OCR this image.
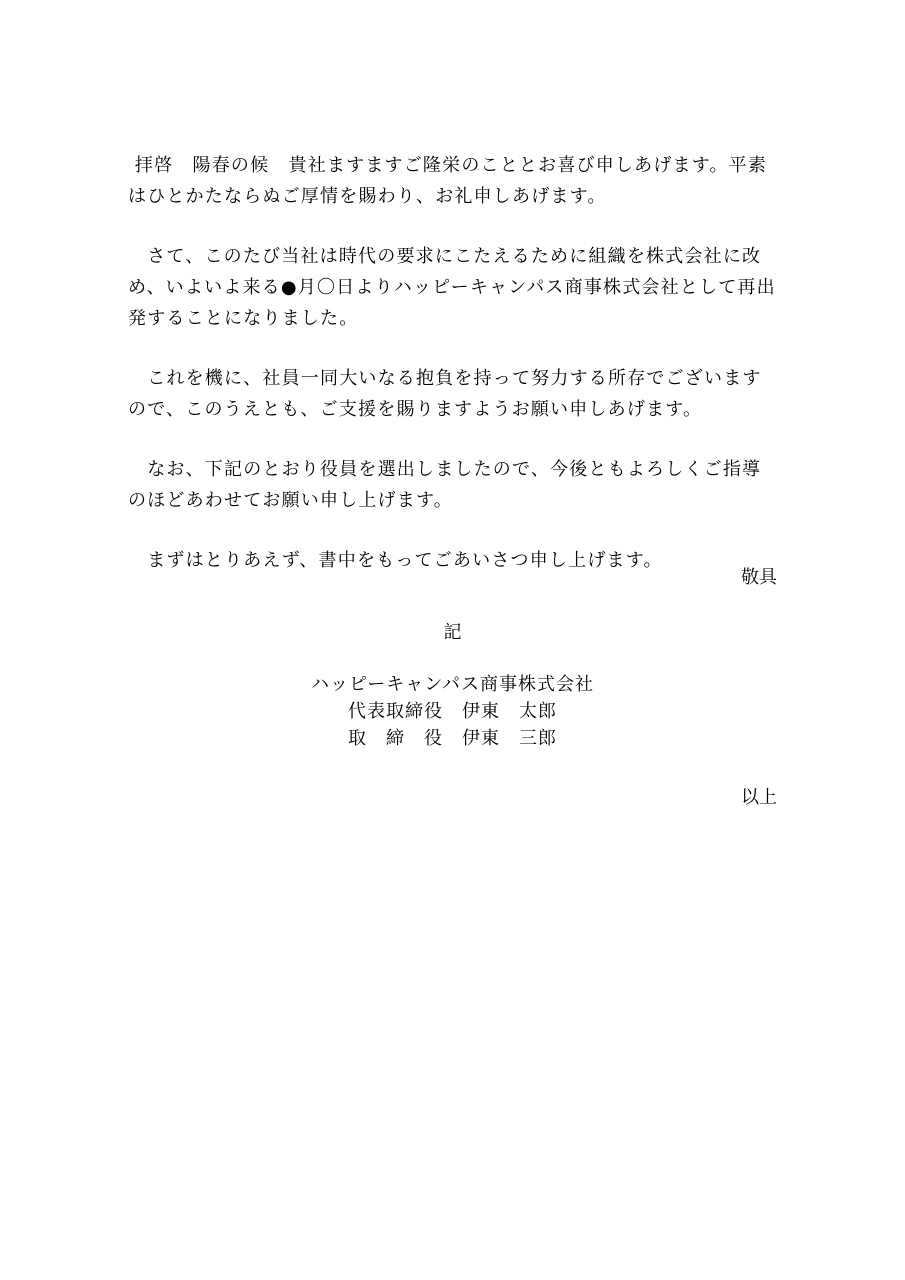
拝啓　陽春の候　貴社ますますご隆栄のこととお喜び申しあげます。平素はひとかたならぬご厚情を賜わり、お礼申しあげます。

　さて、このたび当社は時代の要求にこたえるために組織を株式会社に改め、いよいよ来る●月〇日よりハッピーキャンパス商事株式会社として再出発することになりました。

　これを機に、社員一同大いなる抱負を持って努力する所存でございますので、このうえとも、ご支援を賜りますようお願い申しあげます。

　なお、下記のとおり役員を選出しましたので、今後ともよろしくご指導のほどあわせてお願い申し上げます。

　まずはとりあえず、書中をもってごあいさつ申し上げます。

敬具
記
ハッピーキャンパス商事株式会社
代表取締役　伊東　太郎
取　締　役　伊東　三郎
以上
